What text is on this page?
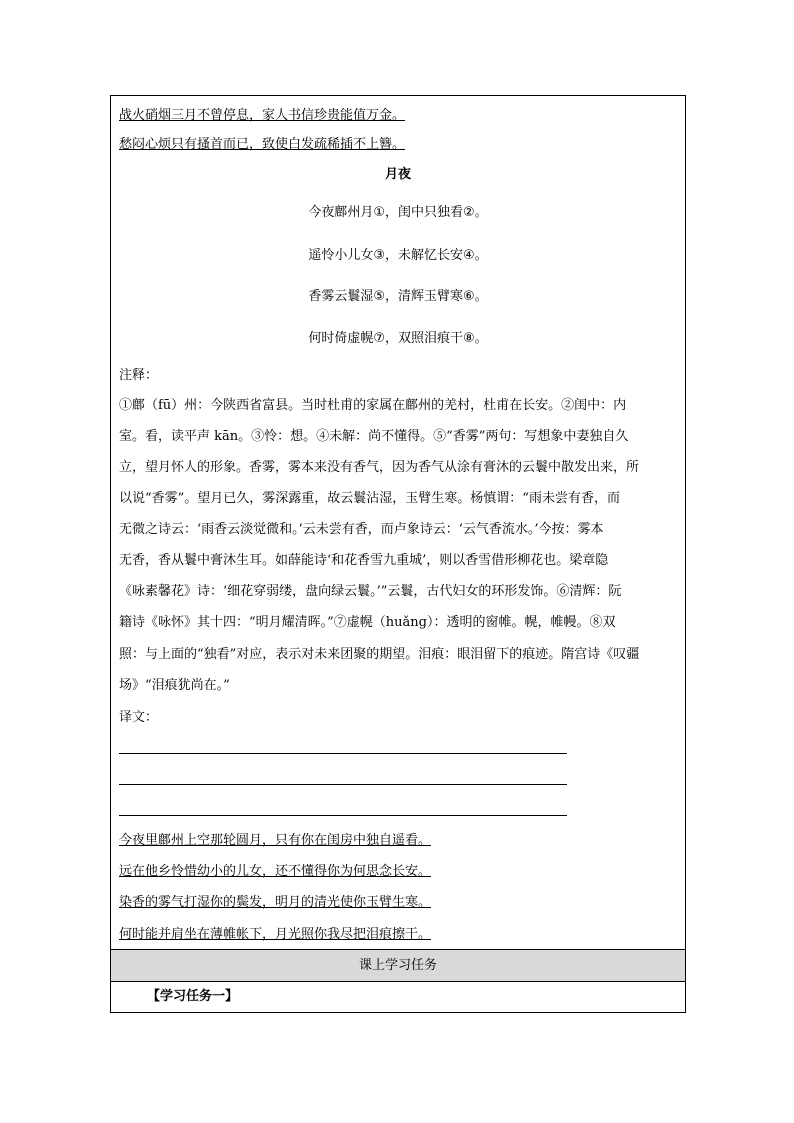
战火硝烟三月不曾停息，家人书信珍贵能值万金。
愁闷心烦只有搔首而已，致使白发疏稀插不上簪。
月夜
今夜鄜州月①，闺中只独看②。
遥怜小儿女③，未解忆长安④。
香雾云鬟湿⑤，清辉玉臂寒⑥。
何时倚虚幌⑦，双照泪痕干⑧。
注释：
①鄜（fū）州：今陕西省富县。当时杜甫的家属在鄜州的羌村，杜甫在长安。②闺中：内
室。看，读平声 kān。③怜：想。④未解：尚不懂得。⑤“香雾”两句：写想象中妻独自久
立，望月怀人的形象。香雾，雾本来没有香气，因为香气从涂有膏沐的云鬟中散发出来，所
以说“香雾”。望月已久，雾深露重，故云鬟沾湿，玉臂生寒。杨慎谓：“雨未尝有香，而
无微之诗云：‘雨香云淡觉微和。’云未尝有香，而卢象诗云：‘云气香流水。’今按：雾本
无香，香从鬟中膏沐生耳。如薛能诗‘和花香雪九重城’，则以香雪借形柳花也。梁章隐
《咏素馨花》诗：‘细花穿弱缕，盘向绿云鬟。’”云鬟，古代妇女的环形发饰。⑥清辉：阮
籍诗《咏怀》其十四：“明月耀清晖。”⑦虚幌（huǎng）：透明的窗帷。幌，帷幔。⑧双
照：与上面的“独看”对应，表示对未来团聚的期望。泪痕：眼泪留下的痕迹。隋宫诗《叹疆
场》“泪痕犹尚在。”
译文：
今夜里鄜州上空那轮圆月，只有你在闺房中独自遥看。
远在他乡怜惜幼小的儿女，还不懂得你为何思念长安。
染香的雾气打湿你的鬓发，明月的清光使你玉臂生寒。
何时能并肩坐在薄帷帐下，月光照你我尽把泪痕擦干。
课上学习任务
【学习任务一】
